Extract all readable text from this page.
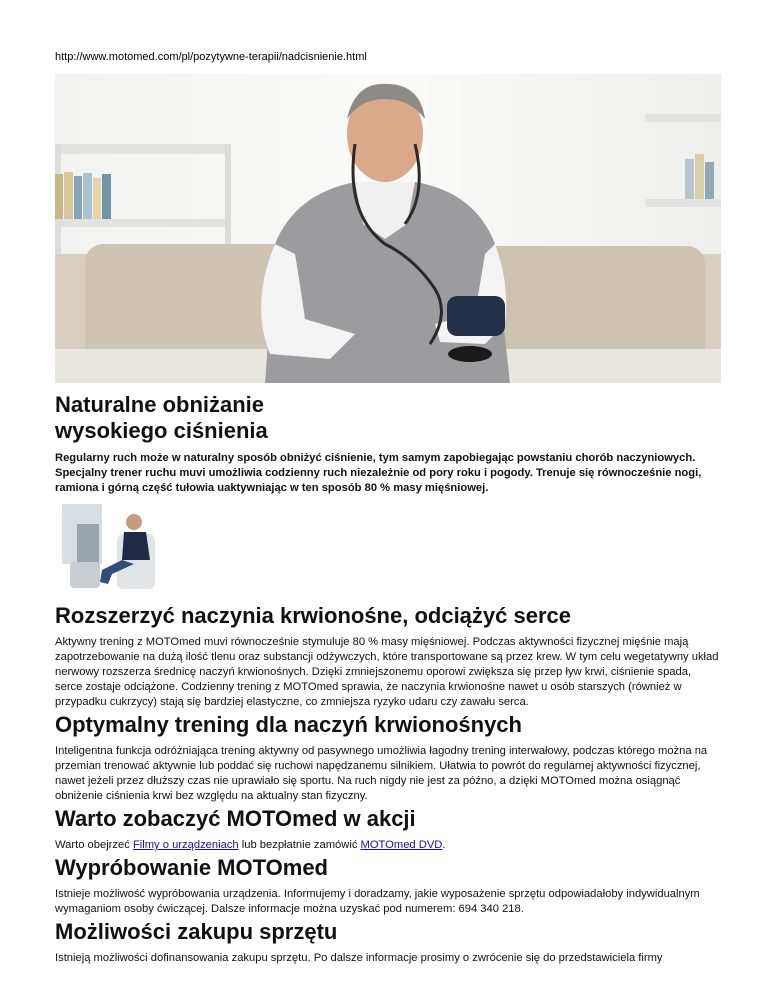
http://www.motomed.com/pl/pozytywne-terapii/nadcisnienie.html
Naturalne obniżanie
wysokiego ciśnienia

Regularny ruch może w naturalny sposób obniżyć ciśnienie, tym samym zapobiegając powstaniu chorób naczyniowych. Specjalny trener ruchu muvi umożliwia codzienny ruch niezależnie od pory roku i pogody. Trenuje się równocześnie nogi, ramiona i górną część tułowia uaktywniając w ten sposób 80 % masy mięśniowej.

Rozszerzyć naczynia krwionośne, odciążyć serce

Aktywny trening z MOTOmed muvi równocześnie stymuluje 80 % masy mięśniowej. Podczas aktywności fizycznej mięśnie mają zapotrzebowanie na dużą ilość tlenu oraz substancji odżywczych, które transportowane są przez krew. W tym celu wegetatywny układ nerwowy rozszerza średnicę naczyń krwionośnych. Dzięki zmniejszonemu oporowi zwiększa się przep ływ krwi, ciśnienie spada, serce zostaje odciążone. Codzienny trening z MOTOmed sprawia, że naczynia krwionośne nawet u osób starszych (również w przypadku cukrzycy) stają się bardziej elastyczne, co zmniejsza ryzyko udaru czy zawału serca.

Optymalny trening dla naczyń krwionośnych

Inteligentna funkcja odróżniająca trening aktywny od pasywnego umożliwia łagodny trening interwałowy, podczas którego można na przemian trenować aktywnie lub poddać się ruchowi napędzanemu silnikiem. Ułatwia to powrót do regularnej aktywności fizycznej, nawet jeżeli przez dłuższy czas nie uprawiało się sportu. Na ruch nigdy nie jest za późno, a dzięki MOTOmed można osiągnąć obniżenie ciśnienia krwi bez względu na aktualny stan fizyczny.

Warto zobaczyć MOTOmed w akcji

Warto obejrzeć Filmy o urządzeniach lub bezpłatnie zamówić MOTOmed DVD.

Wypróbowanie MOTOmed

Istnieje możliwość wypróbowania urządzenia. Informujemy i doradzamy, jakie wyposażenie sprzętu odpowiadałoby indywidualnym wymaganiom osoby ćwiczącej. Dalsze informacje można uzyskać pod numerem: 694 340 218.

Możliwości zakupu sprzętu

Istnieją możliwości dofinansowania zakupu sprzętu. Po dalsze informacje prosimy o zwrócenie się do przedstawiciela firmy
